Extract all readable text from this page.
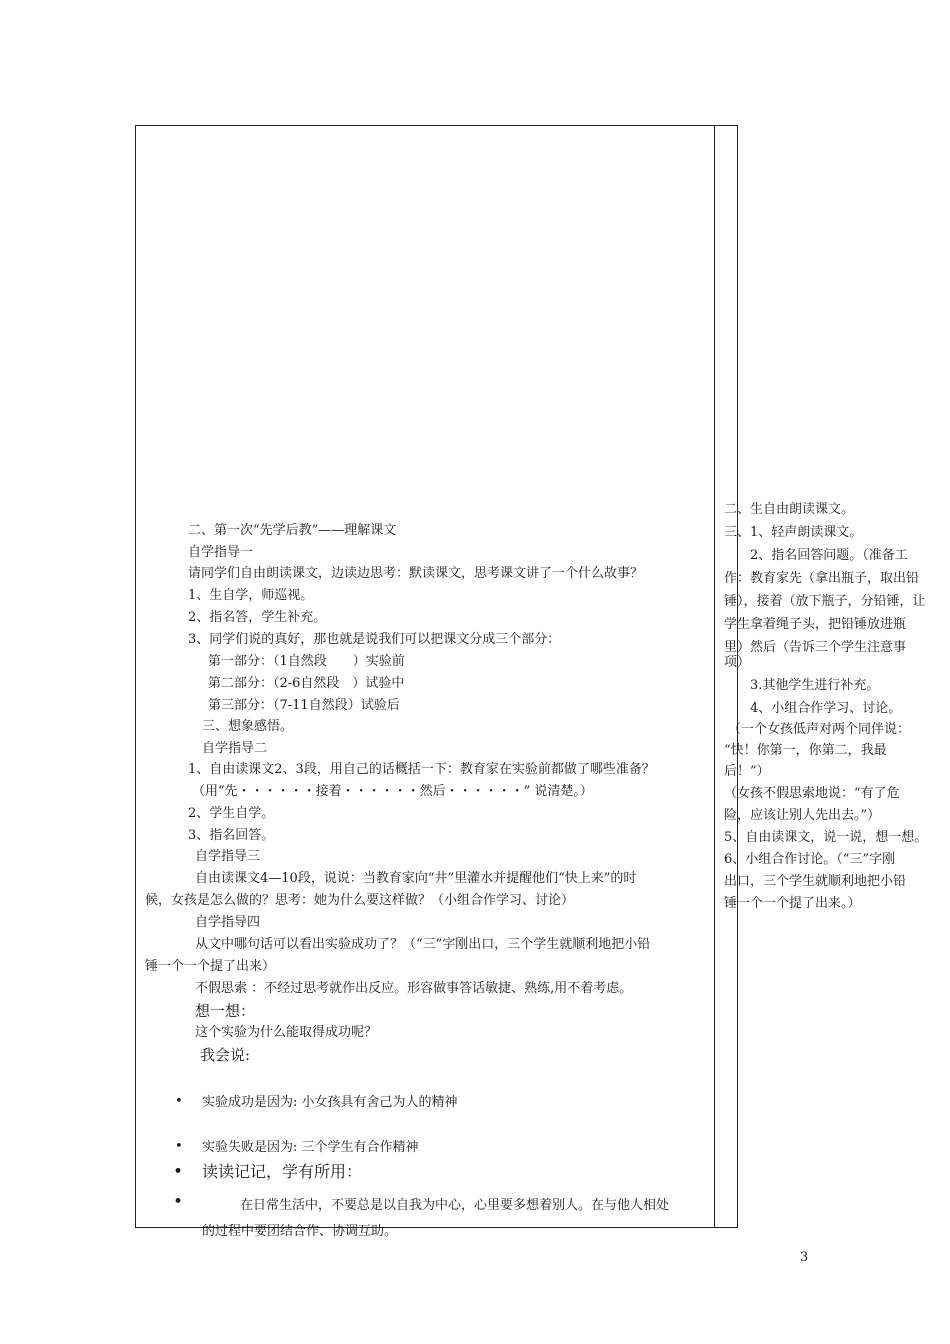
二、第一次“先学后教”——理解课文
自学指导一
请同学们自由朗读课文，边读边思考：默读课文，思考课文讲了一个什么故事？
1、生自学，师巡视。
2、指名答，学生补充。
3、同学们说的真好，那也就是说我们可以把课文分成三个部分：
第一部分：（1自然段　　）实验前
第二部分：（2-6自然段　）试验中
第三部分：（7-11自然段）试验后
三、想象感悟。
自学指导二
1、自由读课文2、3段，用自己的话概括一下：教育家在实验前都做了哪些准备？
（用“先・・・・・・接着・・・・・・然后・・・・・・” 说清楚。）
2、学生自学。
3、指名回答。
自学指导三
自由读课文4—10段，说说：当教育家向“井”里灌水并提醒他们“快上来”的时
候，女孩是怎么做的？思考：她为什么要这样做？（小组合作学习、讨论）
自学指导四
从文中哪句话可以看出实验成功了？（“三”字刚出口，三个学生就顺利地把小铅
锤一个一个提了出来）
不假思索 ：不经过思考就作出反应。形容做事答话敏捷、熟练,用不着考虑。
想一想：
这个实验为什么能取得成功呢？
我会说:
• 实验成功是因为: 小女孩具有舍己为人的精神
• 实验失败是因为: 三个学生有合作精神
• 读读记记，学有所用：
•	在日常生活中，不要总是以自我为中心，心里要多想着别人。在与他人相处
的过程中要团结合作、协调互助。
二、生自由朗读课文。
三、1、轻声朗读课文。
2、指名回答问题。（准备工
作：教育家先（拿出瓶子，取出铅
锤），接着（放下瓶子，分铅锤，让
学生拿着绳子头，把铅锤放进瓶
里）然后（告诉三个学生注意事
项）
3.其他学生进行补充。
4、小组合作学习、讨论。
（一个女孩低声对两个同伴说：
“快！你第一，你第二，我最
后！”）
（女孩不假思索地说：“有了危
险，应该让别人先出去。”）
5、自由读课文，说一说，想一想。
6、小组合作讨论。（“三”字刚
出口，三个学生就顺利地把小铅
锤一个一个提了出来。）
3
